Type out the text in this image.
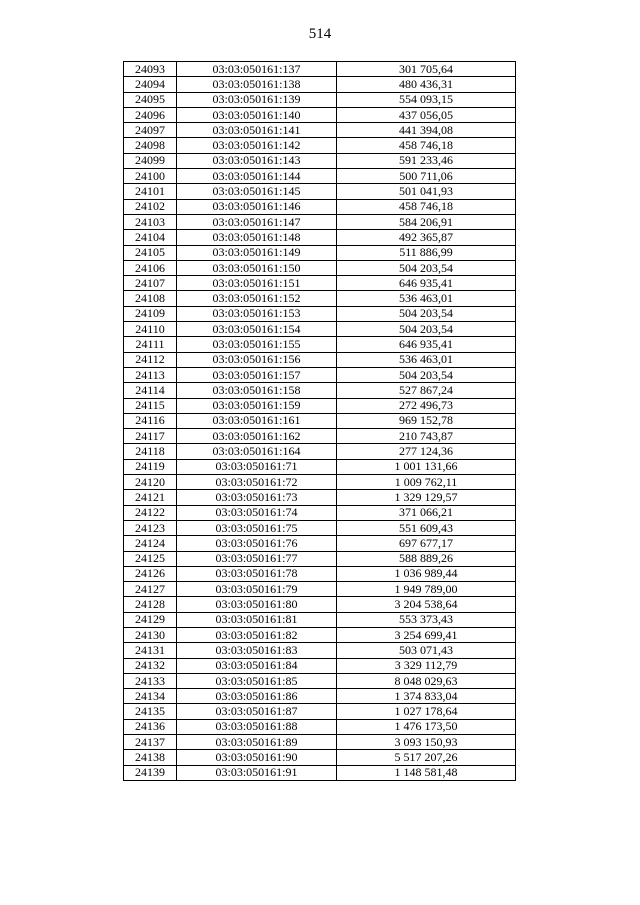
514
24093	03:03:050161:137	301 705,64
24094	03:03:050161:138	480 436,31
24095	03:03:050161:139	554 093,15
24096	03:03:050161:140	437 056,05
24097	03:03:050161:141	441 394,08
24098	03:03:050161:142	458 746,18
24099	03:03:050161:143	591 233,46
24100	03:03:050161:144	500 711,06
24101	03:03:050161:145	501 041,93
24102	03:03:050161:146	458 746,18
24103	03:03:050161:147	584 206,91
24104	03:03:050161:148	492 365,87
24105	03:03:050161:149	511 886,99
24106	03:03:050161:150	504 203,54
24107	03:03:050161:151	646 935,41
24108	03:03:050161:152	536 463,01
24109	03:03:050161:153	504 203,54
24110	03:03:050161:154	504 203,54
24111	03:03:050161:155	646 935,41
24112	03:03:050161:156	536 463,01
24113	03:03:050161:157	504 203,54
24114	03:03:050161:158	527 867,24
24115	03:03:050161:159	272 496,73
24116	03:03:050161:161	969 152,78
24117	03:03:050161:162	210 743,87
24118	03:03:050161:164	277 124,36
24119	03:03:050161:71	1 001 131,66
24120	03:03:050161:72	1 009 762,11
24121	03:03:050161:73	1 329 129,57
24122	03:03:050161:74	371 066,21
24123	03:03:050161:75	551 609,43
24124	03:03:050161:76	697 677,17
24125	03:03:050161:77	588 889,26
24126	03:03:050161:78	1 036 989,44
24127	03:03:050161:79	1 949 789,00
24128	03:03:050161:80	3 204 538,64
24129	03:03:050161:81	553 373,43
24130	03:03:050161:82	3 254 699,41
24131	03:03:050161:83	503 071,43
24132	03:03:050161:84	3 329 112,79
24133	03:03:050161:85	8 048 029,63
24134	03:03:050161:86	1 374 833,04
24135	03:03:050161:87	1 027 178,64
24136	03:03:050161:88	1 476 173,50
24137	03:03:050161:89	3 093 150,93
24138	03:03:050161:90	5 517 207,26
24139	03:03:050161:91	1 148 581,48
